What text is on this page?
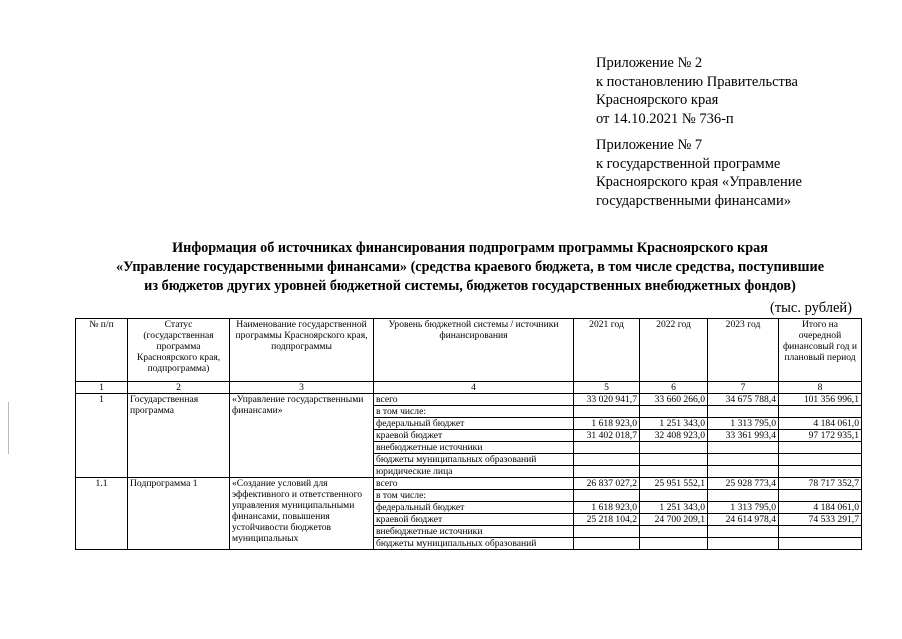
Приложение № 2
к постановлению Правительства
Красноярского края
от 14.10.2021 № 736-п
Приложение № 7
к государственной программе
Красноярского края «Управление
государственными финансами»
Информация об источниках финансирования подпрограмм программы Красноярского края
«Управление государственными финансами» (средства краевого бюджета, в том числе средства, поступившие
из бюджетов других уровней бюджетной системы, бюджетов государственных внебюджетных фондов)
(тыс. рублей)
№ п/п	Статус (государственная программа Красноярского края, подпрограмма)	Наименование государственной программы Красноярского края, подпрограммы	Уровень бюджетной системы / источники финансирования	2021 год	2022 год	2023 год	Итого на очередной финансовый год и плановый период
1	2	3	4	5	6	7	8
1	Государственная программа	«Управление государственными финансами»	всего	33 020 941,7	33 660 266,0	34 675 788,4	101 356 996,1
			в том числе:				
			федеральный бюджет	1 618 923,0	1 251 343,0	1 313 795,0	4 184 061,0
			краевой бюджет	31 402 018,7	32 408 923,0	33 361 993,4	97 172 935,1
			внебюджетные источники				
			бюджеты муниципальных образований				
			юридические лица				
1.1	Подпрограмма 1	«Создание условий для эффективного и ответственного управления муниципальными финансами, повышения устойчивости бюджетов муниципальных	всего	26 837 027,2	25 951 552,1	25 928 773,4	78 717 352,7
			в том числе:				
			федеральный бюджет	1 618 923,0	1 251 343,0	1 313 795,0	4 184 061,0
			краевой бюджет	25 218 104,2	24 700 209,1	24 614 978,4	74 533 291,7
			внебюджетные источники				
			бюджеты муниципальных образований				
